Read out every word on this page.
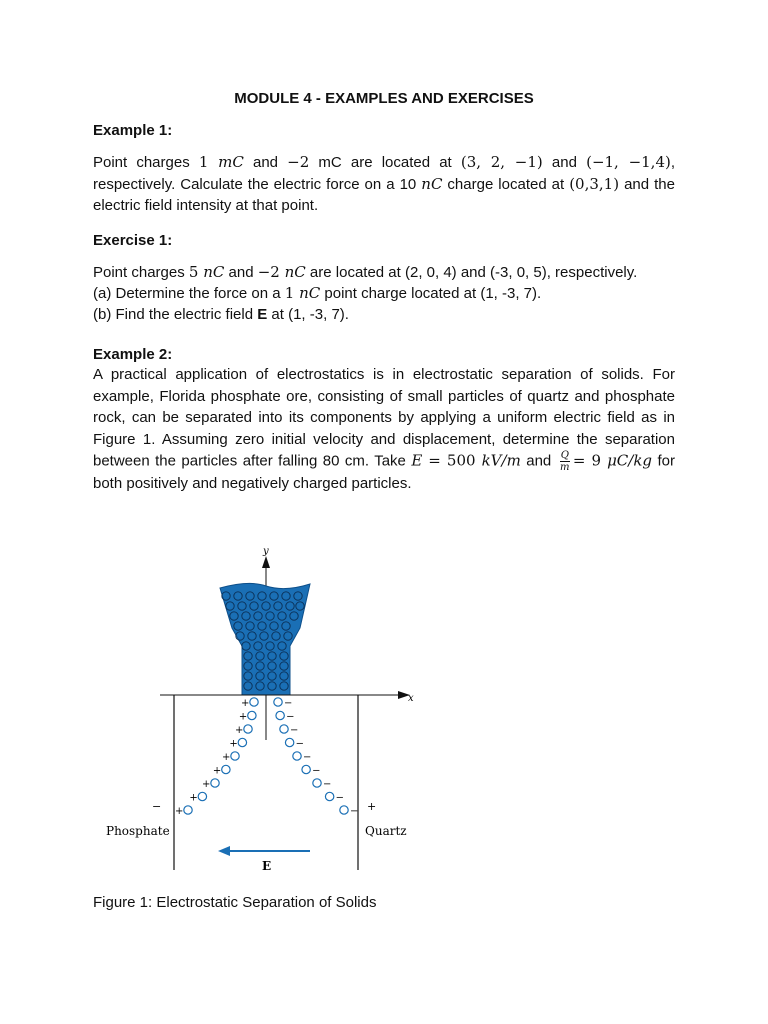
MODULE 4 - EXAMPLES AND EXERCISES
Example 1:
Point charges 1 mC and −2 mC are located at (3, 2, −1) and (−1, −1,4), respectively. Calculate the electric force on a 10 nC charge located at (0,3,1) and the electric field intensity at that point.
Exercise 1:
Point charges 5 nC and −2 nC are located at (2, 0, 4) and (-3, 0, 5), respectively.
(a) Determine the force on a 1 nC point charge located at (1, -3, 7).
(b) Find the electric field E at (1, -3, 7).
Example 2:
A practical application of electrostatics is in electrostatic separation of solids. For example, Florida phosphate ore, consisting of small particles of quartz and phosphate rock, can be separated into its components by applying a uniform electric field as in Figure 1. Assuming zero initial velocity and displacement, determine the separation between the particles after falling 80 cm. Take E = 500 kV/m and $\frac{Q}{m} = 9$ μC/kg for both positively and negatively charged particles.
y
x
−	+
+	−
+	−
+	−
+	−
+	−
+	−
+	−
+	−
+	−
Phosphate	Quartz
E
Figure 1: Electrostatic Separation of Solids
